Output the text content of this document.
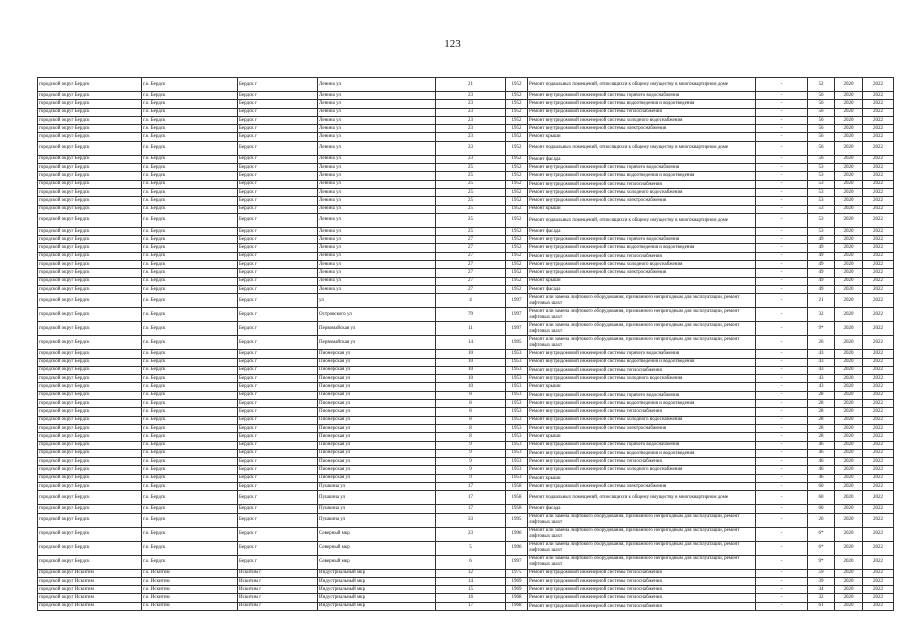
123
городской округ Бердск	г.о. Бердск	Бердск г	Ленина ул	21	1952	Ремонт подвальных помещений, относящихся к общему имуществу в многоквартирном доме	-	52	2020	2022
городской округ Бердск	г.о. Бердск	Бердск г	Ленина ул	23	1952	Ремонт внутридомовой инженерной системы горячего водоснабжения	-	56	2020	2022
городской округ Бердск	г.о. Бердск	Бердск г	Ленина ул	23	1952	Ремонт внутридомовой инженерной системы водоотведения и водоотведения	-	56	2020	2022
городской округ Бердск	г.о. Бердск	Бердск г	Ленина ул	23	1952	Ремонт внутридомовой инженерной системы теплоснабжения	-	56	2020	2022
городской округ Бердск	г.о. Бердск	Бердск г	Ленина ул	23	1952	Ремонт внутридомовой инженерной системы холодного водоснабжения	-	56	2020	2022
городской округ Бердск	г.о. Бердск	Бердск г	Ленина ул	23	1952	Ремонт внутридомовой инженерной системы электроснабжения	-	56	2020	2022
городской округ Бердск	г.о. Бердск	Бердск г	Ленина ул	23	1952	Ремонт крыши	-	56	2020	2022
городской округ Бердск	г.о. Бердск	Бердск г	Ленина ул	23	1952	Ремонт подвальных помещений, относящихся к общему имуществу в многоквартирном доме	-	56	2020	2022
городской округ Бердск	г.о. Бердск	Бердск г	Ленина ул	23	1952	Ремонт фасада	-	56	2020	2022
городской округ Бердск	г.о. Бердск	Бердск г	Ленина ул	25	1952	Ремонт внутридомовой инженерной системы горячего водоснабжения	-	53	2020	2022
городской округ Бердск	г.о. Бердск	Бердск г	Ленина ул	25	1952	Ремонт внутридомовой инженерной системы водоотведения и водоотведения	-	53	2020	2022
городской округ Бердск	г.о. Бердск	Бердск г	Ленина ул	25	1952	Ремонт внутридомовой инженерной системы теплоснабжения	-	53	2020	2022
городской округ Бердск	г.о. Бердск	Бердск г	Ленина ул	25	1952	Ремонт внутридомовой инженерной системы холодного водоснабжения	-	53	2020	2022
городской округ Бердск	г.о. Бердск	Бердск г	Ленина ул	25	1952	Ремонт внутридомовой инженерной системы электроснабжения	-	53	2020	2022
городской округ Бердск	г.о. Бердск	Бердск г	Ленина ул	25	1952	Ремонт крыши	-	53	2020	2022
городской округ Бердск	г.о. Бердск	Бердск г	Ленина ул	25	1952	Ремонт подвальных помещений, относящихся к общему имуществу в многоквартирном доме	-	53	2020	2022
городской округ Бердск	г.о. Бердск	Бердск г	Ленина ул	25	1952	Ремонт фасада	-	53	2020	2022
городской округ Бердск	г.о. Бердск	Бердск г	Ленина ул	27	1952	Ремонт внутридомовой инженерной системы горячего водоснабжения	-	49	2020	2022
городской округ Бердск	г.о. Бердск	Бердск г	Ленина ул	27	1952	Ремонт внутридомовой инженерной системы водоотведения и водоотведения	-	49	2020	2022
городской округ Бердск	г.о. Бердск	Бердск г	Ленина ул	27	1952	Ремонт внутридомовой инженерной системы теплоснабжения	-	49	2020	2022
городской округ Бердск	г.о. Бердск	Бердск г	Ленина ул	27	1952	Ремонт внутридомовой инженерной системы холодного водоснабжения	-	49	2020	2022
городской округ Бердск	г.о. Бердск	Бердск г	Ленина ул	27	1952	Ремонт внутридомовой инженерной системы электроснабжения	-	49	2020	2022
городской округ Бердск	г.о. Бердск	Бердск г	Ленина ул	27	1952	Ремонт крыши	-	49	2020	2022
городской округ Бердск	г.о. Бердск	Бердск г	Ленина ул	27	1952	Ремонт фасада	-	49	2020	2022
городской округ Бердск	г.о. Бердск	Бердск г	ул	4	1997	Ремонт или замена лифтового оборудования, признанного непригодным для эксплуатации, ремонт лифтовых шахт	-	21	2020	2022
городской округ Бердск	г.о. Бердск	Бердск г	Островского ул	79	1997	Ремонт или замена лифтового оборудования, признанного непригодным для эксплуатации, ремонт лифтовых шахт	-	32	2020	2022
городской округ Бердск	г.о. Бердск	Бердск г	Первомайская ул	11	1997	Ремонт или замена лифтового оборудования, признанного непригодным для эксплуатации, ремонт лифтовых шахт	-	9*	2020	2022
городской округ Бердск	г.о. Бердск	Бердск г	Первомайская ул	14	1995	Ремонт или замена лифтового оборудования, признанного непригодным для эксплуатации, ремонт лифтовых шахт	-	26	2020	2022
городской округ Бердск	г.о. Бердск	Бердск г	Пионерская ул	10	1953	Ремонт внутридомовой инженерной системы горячего водоснабжения	-	43	2020	2022
городской округ Бердск	г.о. Бердск	Бердск г	Пионерская ул	10	1953	Ремонт внутридомовой инженерной системы водоотведения и водоотведения	-	43	2020	2022
городской округ Бердск	г.о. Бердск	Бердск г	Пионерская ул	10	1953	Ремонт внутридомовой инженерной системы теплоснабжения	-	43	2020	2022
городской округ Бердск	г.о. Бердск	Бердск г	Пионерская ул	10	1953	Ремонт внутридомовой инженерной системы холодного водоснабжения	-	43	2020	2022
городской округ Бердск	г.о. Бердск	Бердск г	Пионерская ул	10	1953	Ремонт крыши	-	43	2020	2022
городской округ Бердск	г.о. Бердск	Бердск г	Пионерская ул	8	1953	Ремонт внутридомовой инженерной системы горячего водоснабжения	-	28	2020	2022
городской округ Бердск	г.о. Бердск	Бердск г	Пионерская ул	8	1953	Ремонт внутридомовой инженерной системы водоотведения и водоотведения	-	28	2020	2022
городской округ Бердск	г.о. Бердск	Бердск г	Пионерская ул	8	1953	Ремонт внутридомовой инженерной системы теплоснабжения	-	28	2020	2022
городской округ Бердск	г.о. Бердск	Бердск г	Пионерская ул	8	1953	Ремонт внутридомовой инженерной системы холодного водоснабжения	-	28	2020	2022
городской округ Бердск	г.о. Бердск	Бердск г	Пионерская ул	8	1953	Ремонт внутридомовой инженерной системы электроснабжения	-	28	2020	2022
городской округ Бердск	г.о. Бердск	Бердск г	Пионерская ул	8	1953	Ремонт крыши	-	28	2020	2022
городской округ Бердск	г.о. Бердск	Бердск г	Пионерская ул	9	1953	Ремонт внутридомовой инженерной системы горячего водоснабжения	-	46	2020	2022
городской округ Бердск	г.о. Бердск	Бердск г	Пионерская ул	9	1953	Ремонт внутридомовой инженерной системы водоотведения и водоотведения	-	46	2020	2022
городской округ Бердск	г.о. Бердск	Бердск г	Пионерская ул	9	1953	Ремонт внутридомовой инженерной системы теплоснабжения	-	46	2020	2022
городской округ Бердск	г.о. Бердск	Бердск г	Пионерская ул	9	1953	Ремонт внутридомовой инженерной системы холодного водоснабжения	-	46	2020	2022
городской округ Бердск	г.о. Бердск	Бердск г	Пионерская ул	9	1953	Ремонт крыши	-	46	2020	2022
городской округ Бердск	г.о. Бердск	Бердск г	Пушкина ул	17	1958	Ремонт внутридомовой инженерной системы электроснабжения	-	60	2020	2022
городской округ Бердск	г.о. Бердск	Бердск г	Пушкина ул	17	1958	Ремонт подвальных помещений, относящихся к общему имуществу в многоквартирном доме	-	60	2020	2022
городской округ Бердск	г.о. Бердск	Бердск г	Пушкина ул	17	1958	Ремонт фасада	-	60	2020	2022
городской округ Бердск	г.о. Бердск	Бердск г	Пушкина ул	33	1995	Ремонт или замена лифтового оборудования, признанного непригодным для эксплуатации, ремонт лифтовых шахт	-	26	2020	2022
городской округ Бердск	г.о. Бердск	Бердск г	Северный мкр	23	1996	Ремонт или замена лифтового оборудования, признанного непригодным для эксплуатации, ремонт лифтовых шахт	-	6*	2020	2022
городской округ Бердск	г.о. Бердск	Бердск г	Северный мкр	5	1996	Ремонт или замена лифтового оборудования, признанного непригодным для эксплуатации, ремонт лифтовых шахт	-	6*	2020	2022
городской округ Бердск	г.о. Бердск	Бердск г	Северный мкр	6	1997	Ремонт или замена лифтового оборудования, признанного непригодным для эксплуатации, ремонт лифтовых шахт	-	9*	2020	2022
городской округ Искитим	г.о. Искитим	Искитим г	Индустриальный мкр	12	1975	Ремонт внутридомовой инженерной системы теплоснабжения	-	59	2020	2022
городской округ Искитим	г.о. Искитим	Искитим г	Индустриальный мкр	14	1969	Ремонт внутридомовой инженерной системы теплоснабжения	-	39	2020	2022
городской округ Искитим	г.о. Искитим	Искитим г	Индустриальный мкр	15	1969	Ремонт внутридомовой инженерной системы теплоснабжения	-	34	2020	2022
городской округ Искитим	г.о. Искитим	Искитим г	Индустриальный мкр	16	1968	Ремонт внутридомовой инженерной системы теплоснабжения	-	32	2020	2022
городской округ Искитим	г.о. Искитим	Искитим г	Индустриальный мкр	17	1968	Ремонт внутридомовой инженерной системы теплоснабжения	-	61	2020	2022
